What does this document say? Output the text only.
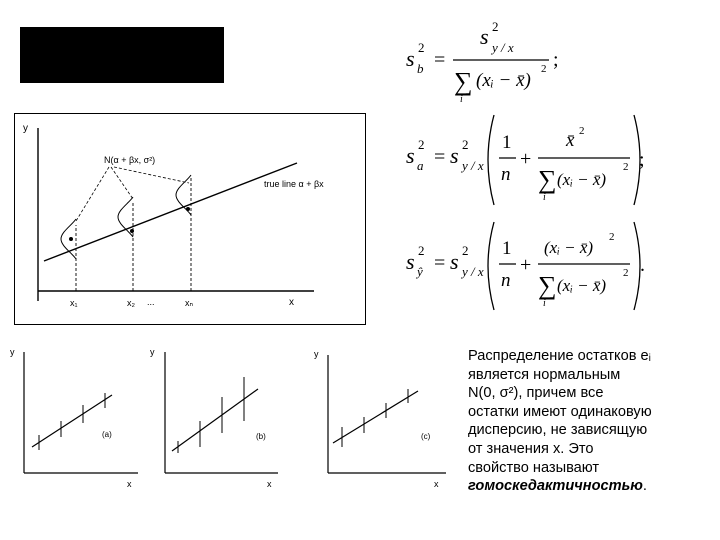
y
x
true line α + βx
N(α + βx, σ²)
x₁	x₂ ...	xₙ
y
x
(a)
y
x
(b)
y
x
(c)
s 2
b =
s 2
y / x
∑
i
(xᵢ − x̄)
2 ;
s 2
a = s 2
y / x
1
n
+
x̄ 2
∑
i
(xᵢ − x̄)
2 ;
s 2
ŷ = s 2
y / x
1
n
+
(xᵢ − x̄)
2
∑
i
(xᵢ − x̄)
2 .
Распределение остатков eᵢ
является нормальным
N(0, σ²), причем все
остатки имеют одинаковую
дисперсию, не зависящую
от значения x. Это
свойство называют
гомоскедактичностью.
